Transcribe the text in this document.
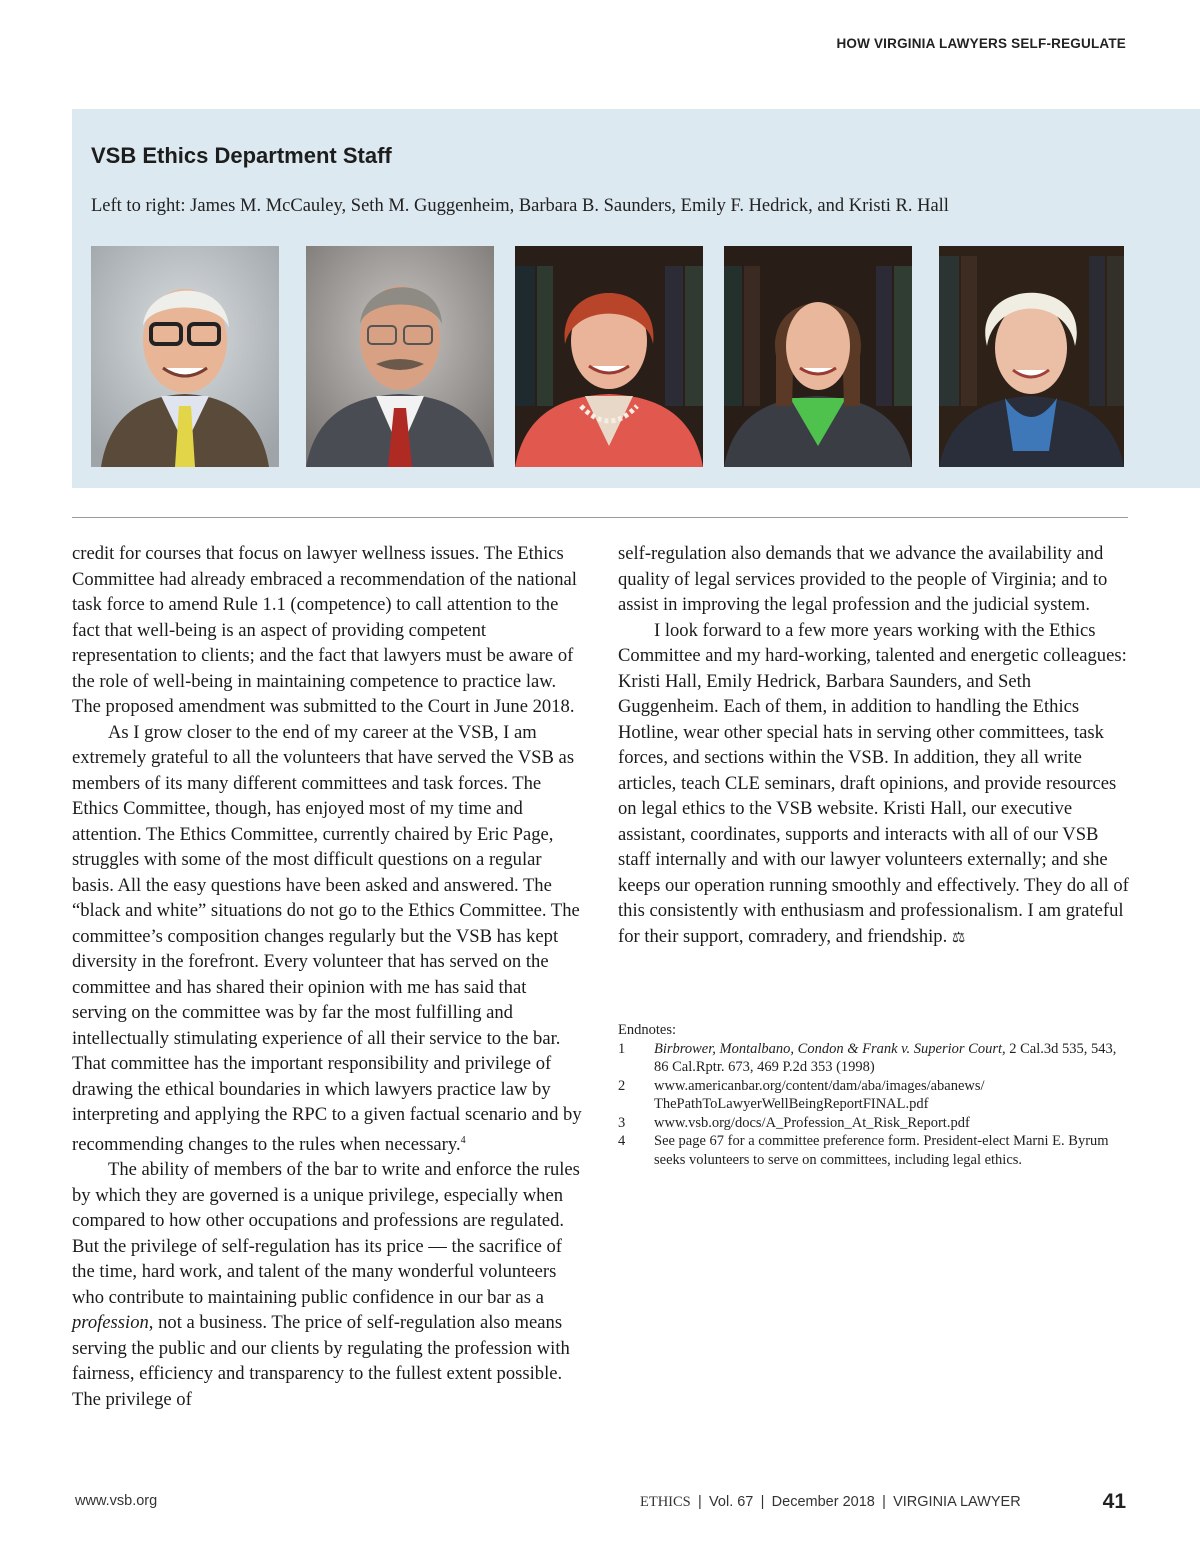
HOW VIRGINIA LAWYERS SELF-REGULATE
VSB Ethics Department Staff
Left to right: James M. McCauley, Seth M. Guggenheim, Barbara B. Saunders, Emily F. Hedrick, and Kristi R. Hall

credit for courses that focus on lawyer wellness issues. The Ethics Committee had already embraced a recommendation of the national task force to amend Rule 1.1 (competence) to call attention to the fact that well-being is an aspect of providing competent representation to clients; and the fact that lawyers must be aware of the role of well-being in maintaining competence to practice law. The proposed amendment was submitted to the Court in June 2018.

As I grow closer to the end of my career at the VSB, I am extremely grateful to all the volunteers that have served the VSB as members of its many different committees and task forces. The Ethics Committee, though, has enjoyed most of my time and attention. The Ethics Committee, currently chaired by Eric Page, struggles with some of the most difficult questions on a regular basis. All the easy questions have been asked and answered. The “black and white” situations do not go to the Ethics Committee. The committee’s composition changes regularly but the VSB has kept diversity in the forefront. Every volunteer that has served on the committee and has shared their opinion with me has said that serving on the committee was by far the most fulfilling and intellectually stimulating experience of all their service to the bar. That committee has the important responsibility and privilege of drawing the ethical boundaries in which lawyers practice law by interpreting and applying the RPC to a given factual scenario and by recommending changes to the rules when necessary.$^4$

The ability of members of the bar to write and enforce the rules by which they are governed is a unique privilege, especially when compared to how other occupations and professions are regulated. But the privilege of self-regulation has its price — the sacrifice of the time, hard work, and talent of the many wonderful volunteers who contribute to maintaining public confidence in our bar as a profession, not a business. The price of self-regulation also means serving the public and our clients by regulating the profession with fairness, efficiency and transparency to the fullest extent possible. The privilege of

self-regulation also demands that we advance the availability and quality of legal services provided to the people of Virginia; and to assist in improving the legal profession and the judicial system.

I look forward to a few more years working with the Ethics Committee and my hard-working, talented and energetic colleagues: Kristi Hall, Emily Hedrick, Barbara Saunders, and Seth Guggenheim. Each of them, in addition to handling the Ethics Hotline, wear other special hats in serving other committees, task forces, and sections within the VSB. In addition, they all write articles, teach CLE seminars, draft opinions, and provide resources on legal ethics to the VSB website. Kristi Hall, our executive assistant, coordinates, supports and interacts with all of our VSB staff internally and with our lawyer volunteers externally; and she keeps our operation running smoothly and effectively. They do all of this consistently with enthusiasm and professionalism. I am grateful for their support, comradery, and friendship. ⚖

Endnotes:
1	Birbrower, Montalbano, Condon & Frank v. Superior Court, 2 Cal.3d 535, 543, 86 Cal.Rptr. 673, 469 P.2d 353 (1998)
2	www.americanbar.org/content/dam/aba/images/abanews/ ThePathToLawyerWellBeingReportFINAL.pdf
3	www.vsb.org/docs/A_Profession_At_Risk_Report.pdf
4	See page 67 for a committee preference form. President-elect Marni E. Byrum seeks volunteers to serve on committees, including legal ethics.
www.vsb.org	ETHICS | Vol. 67 | December 2018 | VIRGINIA LAWYER	41
